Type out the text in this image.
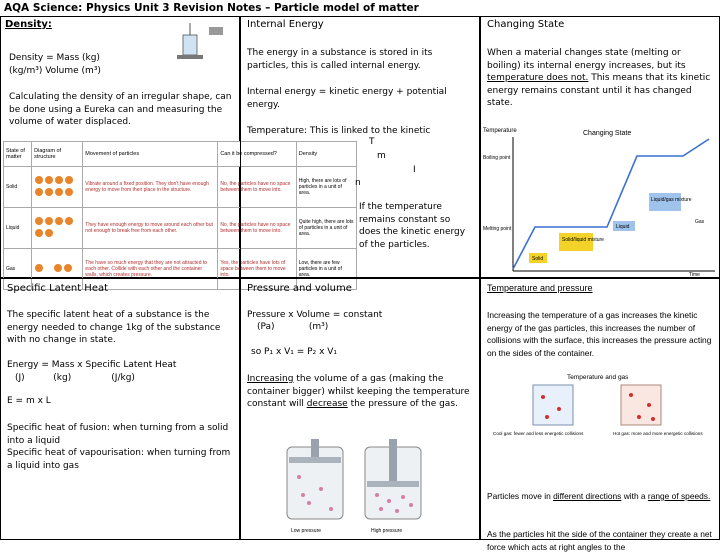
AQA Science: Physics Unit 3 Revision Notes – Particle model of matter
Density:
Density = Mass (kg)
(kg/m³) Volume (m³)
Calculating the density of an irregular shape, can be done using a Eureka can and measuring the volume of water displaced.
State of matter	Diagram of structure	Movement of particles	Can it be compressed?	Density
Solid		Vibrate around a fixed position. They don't have enough energy to move from their place in the structure.	No, the particles have no space between them to move into.	High, there are lots of particles in a unit of area.
Liquid		They have enough energy to move around each other but not enough to break free from each other.	No, the particles have no space between them to move into.	Quite high, there are lots of particles in a unit of area.
Gas		The have so much energy that they are not attracted to each other. Collide with each other and the container walls, which creates pressure.	Yes, the particles have lots of space between them to move into.	Low, there are few particles in a unit of area.
Internal Energy
The energy in a substance is stored in its particles, this is called internal energy.
Internal energy = kinetic energy + potential energy.
Temperature: This is linked to the kinetic
T
m
I
n
If the temperature remains constant so does the kinetic energy of the particles.
Changing State
When a material changes state (melting or boiling) its internal energy increases, but its temperature does not. This means that its kinetic energy remains constant until it has changed state.
Temperature	Changing State
Time
Boiling point
Melting point
Solid
Solid/liquid mixture
Liquid
Liquid/gas mixture
Gas
Specific Latent Heat
The specific latent heat of a substance is the energy needed to change 1kg of the substance with no change in state.
Energy = Mass x Specific Latent Heat
(J)          (kg)              (J/kg)
E = m x L
Specific heat of fusion: when turning from a solid into a liquid
Specific heat of vapourisation: when turning from a liquid into gas
Pressure and volume
Pressure x Volume = constant
(Pa)            (m³)
so P₁ x V₁ = P₂ x V₁
Increasing the volume of a gas (making the container bigger) whilst keeping the temperature constant will decrease the pressure of the gas.
Low pressure	High pressure
Temperature and pressure
Increasing the temperature of a gas increases the kinetic energy of the gas particles, this increases the number of collisions with the surface, this increases the pressure acting on the sides of the container.
Temperature and gas
Cool gas: fewer and less energetic collisions	Hot gas: more and more energetic collisions
Particles move in different directions with a range of speeds.
As the particles hit the side of the container they create a net force which acts at right angles to the
